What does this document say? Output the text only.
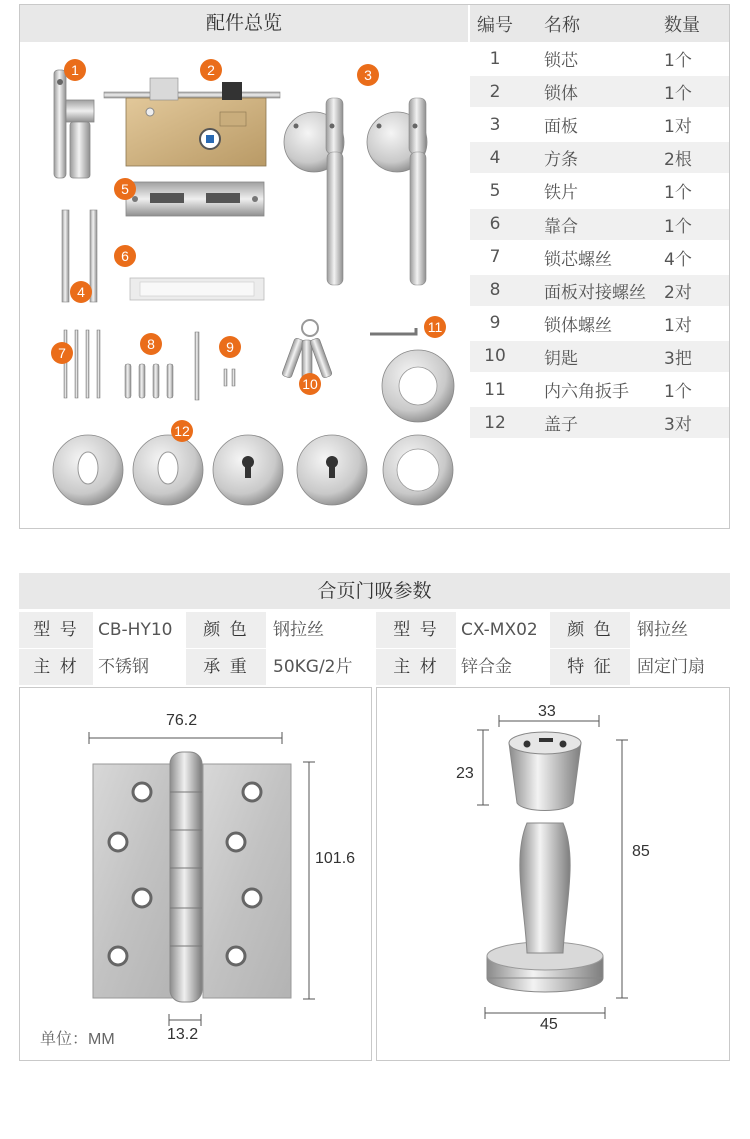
配件总览	编号	名称	数量
1	锁芯	1个
2	锁体	1个
3	面板	1对
4	方条	2根
5	铁片	1个
6	靠合	1个
7	锁芯螺丝	4个
8	面板对接螺丝	2对
9	锁体螺丝	1对
10	钥匙	3把
11	内六角扳手	1个
12	盖子	3对
1	2	3
4
5
6
7
8	9
10
11
12
合页门吸参数
型 号	CB-HY10	颜 色	钢拉丝	型 号	CX-MX02	颜 色	钢拉丝
主 材	不锈钢	承 重	50KG/2片	主 材	锌合金	特 征	固定门扇
76.2
101.6
13.2
单位：MM
33
23
85
45
